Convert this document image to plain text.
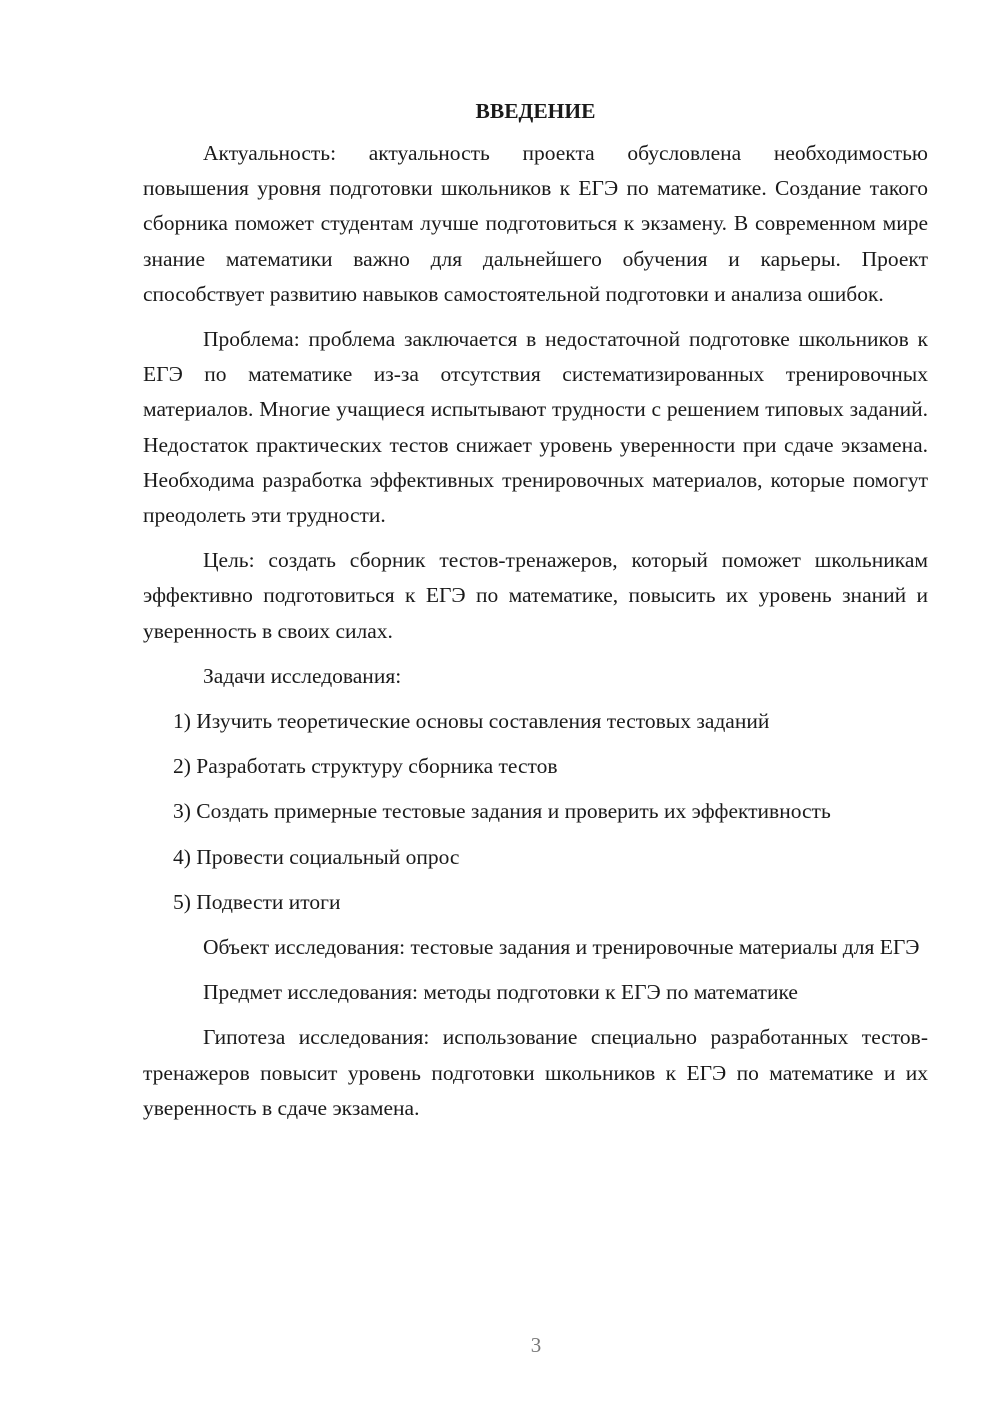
ВВЕДЕНИЕ

Актуальность: актуальность проекта обусловлена необходимостью повышения уровня подготовки школьников к ЕГЭ по математике. Создание такого сборника поможет студентам лучше подготовиться к экзамену. В современном мире знание математики важно для дальнейшего обучения и карьеры. Проект способствует развитию навыков самостоятельной подготовки и анализа ошибок.

Проблема: проблема заключается в недостаточной подготовке школьников к ЕГЭ по математике из-за отсутствия систематизированных тренировочных материалов. Многие учащиеся испытывают трудности с решением типовых заданий. Недостаток практических тестов снижает уровень уверенности при сдаче экзамена. Необходима разработка эффективных тренировочных материалов, которые помогут преодолеть эти трудности.

Цель: создать сборник тестов-тренажеров, который поможет школьникам эффективно подготовиться к ЕГЭ по математике, повысить их уровень знаний и уверенность в своих силах.

Задачи исследования:

1) Изучить теоретические основы составления тестовых заданий

2) Разработать структуру сборника тестов

3) Создать примерные тестовые задания и проверить их эффективность

4) Провести социальный опрос

5) Подвести итоги

Объект исследования: тестовые задания и тренировочные материалы для ЕГЭ

Предмет исследования: методы подготовки к ЕГЭ по математике

Гипотеза исследования: использование специально разработанных тестов-тренажеров повысит уровень подготовки школьников к ЕГЭ по математике и их уверенность в сдаче экзамена.

3
